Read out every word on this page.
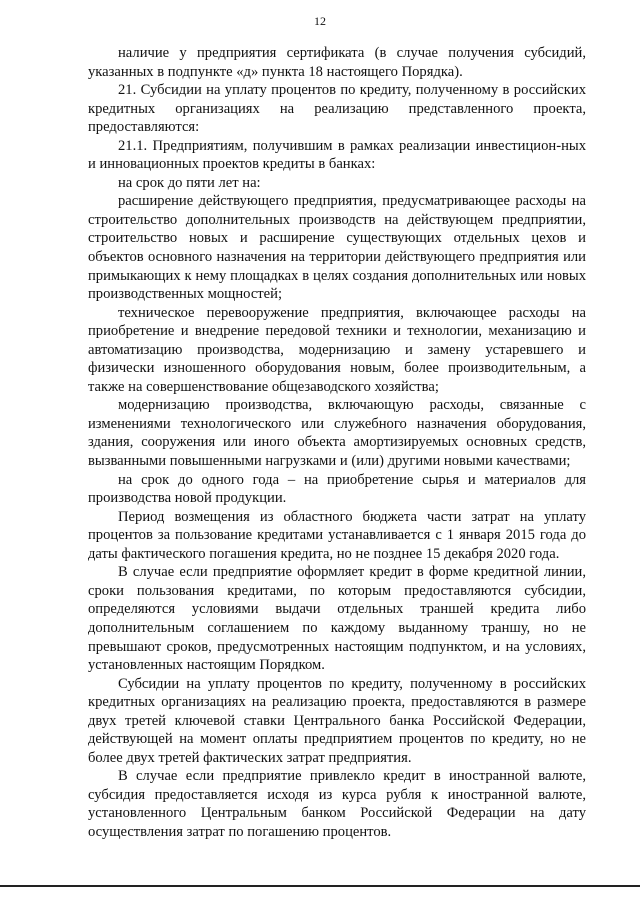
12

наличие у предприятия сертификата (в случае получения субсидий, указанных в подпункте «д» пункта 18 настоящего Порядка).

21. Субсидии на уплату процентов по кредиту, полученному в российских кредитных организациях на реализацию представленного проекта, предоставляются:

21.1. Предприятиям, получившим в рамках реализации инвестицион-ных и инновационных проектов кредиты в банках:

на срок до пяти лет на:

расширение действующего предприятия, предусматривающее расходы на строительство дополнительных производств на действующем предприятии, строительство новых и расширение существующих отдельных цехов и объектов основного назначения на территории действующего предприятия или примыкающих к нему площадках в целях создания дополнительных или новых производственных мощностей;

техническое перевооружение предприятия, включающее расходы на приобретение и внедрение передовой техники и технологии, механизацию и автоматизацию производства, модернизацию и замену устаревшего и физически изношенного оборудования новым, более производительным, а также на совершенствование общезаводского хозяйства;

модернизацию производства, включающую расходы, связанные с изменениями технологического или служебного назначения оборудования, здания, сооружения или иного объекта амортизируемых основных средств, вызванными повышенными нагрузками и (или) другими новыми качествами;

на срок до одного года – на приобретение сырья и материалов для производства новой продукции.

Период возмещения из областного бюджета части затрат на уплату процентов за пользование кредитами устанавливается с 1 января 2015 года до даты фактического погашения кредита, но не позднее 15 декабря 2020 года.

В случае если предприятие оформляет кредит в форме кредитной линии, сроки пользования кредитами, по которым предоставляются субсидии, определяются условиями выдачи отдельных траншей кредита либо дополнительным соглашением по каждому выданному траншу, но не превышают сроков, предусмотренных настоящим подпунктом, и на условиях, установленных настоящим Порядком.

Субсидии на уплату процентов по кредиту, полученному в российских кредитных организациях на реализацию проекта, предоставляются в размере двух третей ключевой ставки Центрального банка Российской Федерации, действующей на момент оплаты предприятием процентов по кредиту, но не более двух третей фактических затрат предприятия.

В случае если предприятие привлекло кредит в иностранной валюте, субсидия предоставляется исходя из курса рубля к иностранной валюте, установленного Центральным банком Российской Федерации на дату осуществления затрат по погашению процентов.
